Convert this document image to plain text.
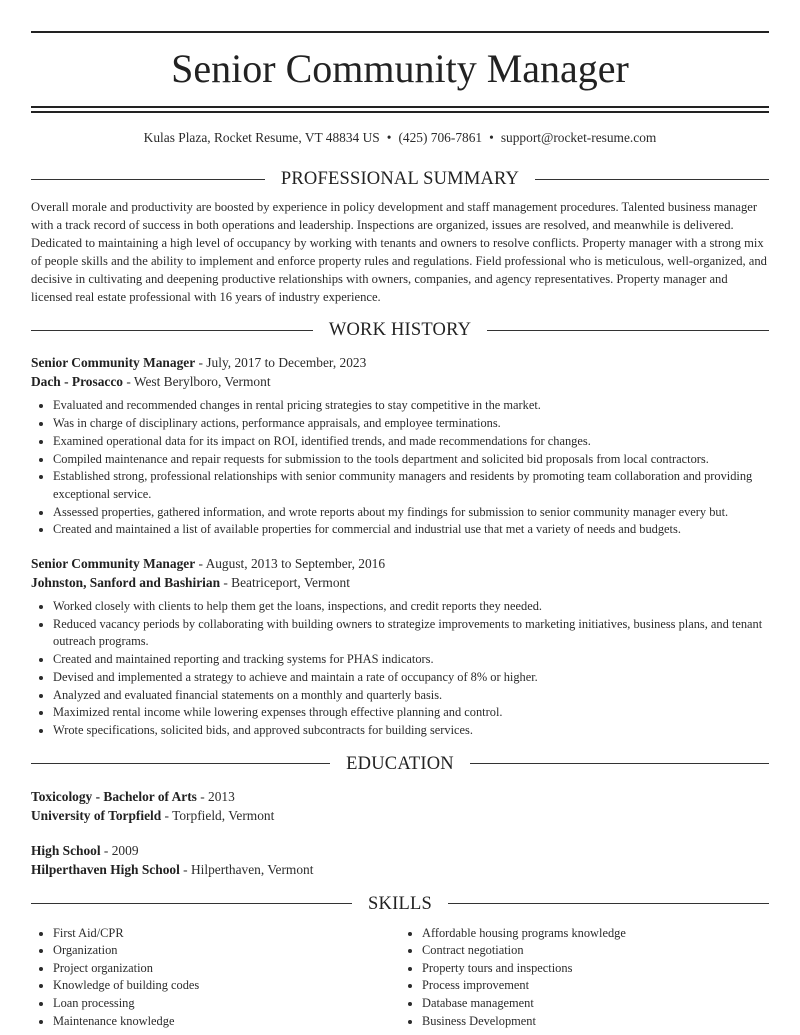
Senior Community Manager
Kulas Plaza, Rocket Resume, VT 48834 US • (425) 706-7861 • support@rocket-resume.com
PROFESSIONAL SUMMARY

Overall morale and productivity are boosted by experience in policy development and staff management procedures. Talented business manager with a track record of success in both operations and leadership. Inspections are organized, issues are resolved, and meanwhile is delivered. Dedicated to maintaining a high level of occupancy by working with tenants and owners to resolve conflicts. Property manager with a strong mix of people skills and the ability to implement and enforce property rules and regulations. Field professional who is meticulous, well-organized, and decisive in cultivating and deepening productive relationships with owners, companies, and agency representatives. Property manager and licensed real estate professional with 16 years of industry experience.

WORK HISTORY
Senior Community Manager - July, 2017 to December, 2023
Dach - Prosacco - West Berylboro, Vermont
• Evaluated and recommended changes in rental pricing strategies to stay competitive in the market.
• Was in charge of disciplinary actions, performance appraisals, and employee terminations.
• Examined operational data for its impact on ROI, identified trends, and made recommendations for changes.
• Compiled maintenance and repair requests for submission to the tools department and solicited bid proposals from local contractors.
• Established strong, professional relationships with senior community managers and residents by promoting team collaboration and providing exceptional service.
• Assessed properties, gathered information, and wrote reports about my findings for submission to senior community manager every but.
• Created and maintained a list of available properties for commercial and industrial use that met a variety of needs and budgets.
Senior Community Manager - August, 2013 to September, 2016
Johnston, Sanford and Bashirian - Beatriceport, Vermont
• Worked closely with clients to help them get the loans, inspections, and credit reports they needed.
• Reduced vacancy periods by collaborating with building owners to strategize improvements to marketing initiatives, business plans, and tenant outreach programs.
• Created and maintained reporting and tracking systems for PHAS indicators.
• Devised and implemented a strategy to achieve and maintain a rate of occupancy of 8% or higher.
• Analyzed and evaluated financial statements on a monthly and quarterly basis.
• Maximized rental income while lowering expenses through effective planning and control.
• Wrote specifications, solicited bids, and approved subcontracts for building services.
EDUCATION
Toxicology - Bachelor of Arts - 2013
University of Torpfield - Torpfield, Vermont
High School - 2009
Hilperthaven High School - Hilperthaven, Vermont
SKILLS
• First Aid/CPR
• Organization
• Project organization
• Knowledge of building codes
• Loan processing
• Maintenance knowledge
• Affordable housing programs knowledge
• Contract negotiation
• Property tours and inspections
• Process improvement
• Database management
• Business Development
